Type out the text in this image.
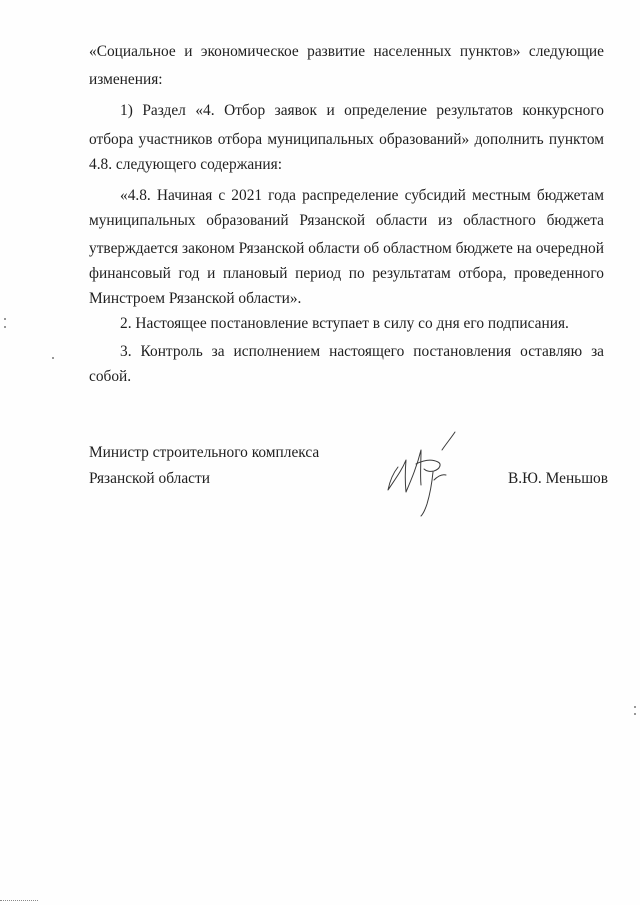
«Социальное и экономическое развитие населенных пунктов» следующие
изменения:
1) Раздел «4. Отбор заявок и определение результатов конкурсного
отбора участников отбора муниципальных образований» дополнить пунктом
4.8. следующего содержания:
«4.8. Начиная с 2021 года распределение субсидий местным бюджетам
муниципальных образований Рязанской области из областного бюджета
утверждается законом Рязанской области об областном бюджете на очередной
финансовый год и плановый период по результатам отбора, проведенного
Минстроем Рязанской области».
2. Настоящее постановление вступает в силу со дня его подписания.
3. Контроль за исполнением настоящего постановления оставляю за
собой.
Министр строительного комплекса
Рязанской области	В.Ю. Меньшов
